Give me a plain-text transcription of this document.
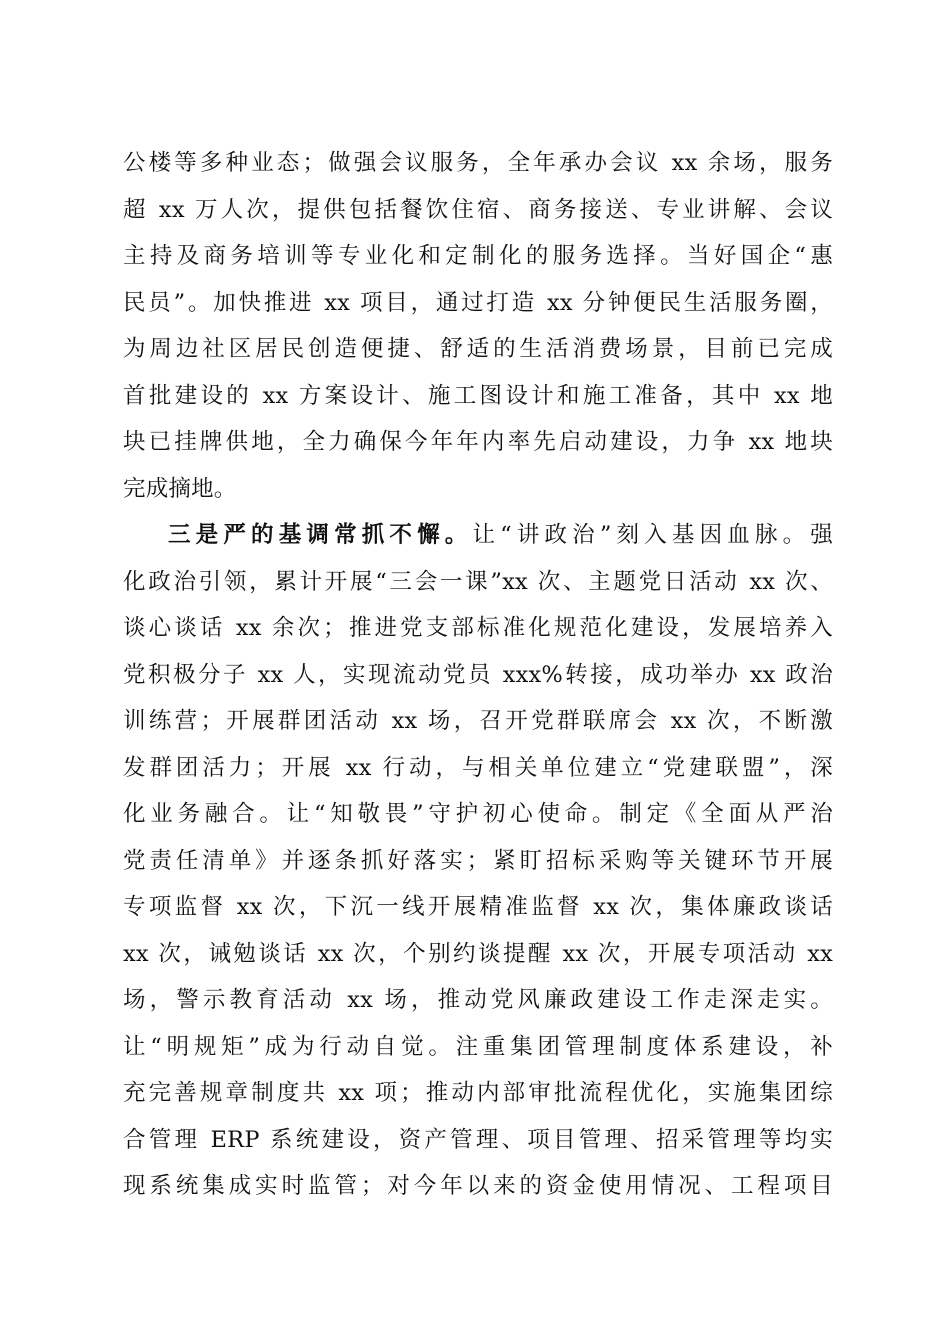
公楼等多种业态；做强会议服务，全年承办会议 xx 余场，服务
超 xx 万人次，提供包括餐饮住宿、商务接送、专业讲解、会议
主持及商务培训等专业化和定制化的服务选择。当好国企“惠
民员”。加快推进 xx 项目，通过打造 xx 分钟便民生活服务圈，
为周边社区居民创造便捷、舒适的生活消费场景，目前已完成
首批建设的 xx 方案设计、施工图设计和施工准备，其中 xx 地
块已挂牌供地，全力确保今年年内率先启动建设，力争 xx 地块
完成摘地。
三是严的基调常抓不懈。让“讲政治”刻入基因血脉。强
化政治引领，累计开展“三会一课”xx 次、主题党日活动 xx 次、
谈心谈话 xx 余次；推进党支部标准化规范化建设，发展培养入
党积极分子 xx 人，实现流动党员 xxx%转接，成功举办 xx 政治
训练营；开展群团活动 xx 场，召开党群联席会 xx 次，不断激
发群团活力；开展 xx 行动，与相关单位建立“党建联盟”，深
化业务融合。让“知敬畏”守护初心使命。制定《全面从严治
党责任清单》并逐条抓好落实；紧盯招标采购等关键环节开展
专项监督 xx 次，下沉一线开展精准监督 xx 次，集体廉政谈话
xx 次，诫勉谈话 xx 次，个别约谈提醒 xx 次，开展专项活动 xx
场，警示教育活动 xx 场，推动党风廉政建设工作走深走实。
让“明规矩”成为行动自觉。注重集团管理制度体系建设，补
充完善规章制度共 xx 项；推动内部审批流程优化，实施集团综
合管理 ERP 系统建设，资产管理、项目管理、招采管理等均实
现系统集成实时监管；对今年以来的资金使用情况、工程项目
